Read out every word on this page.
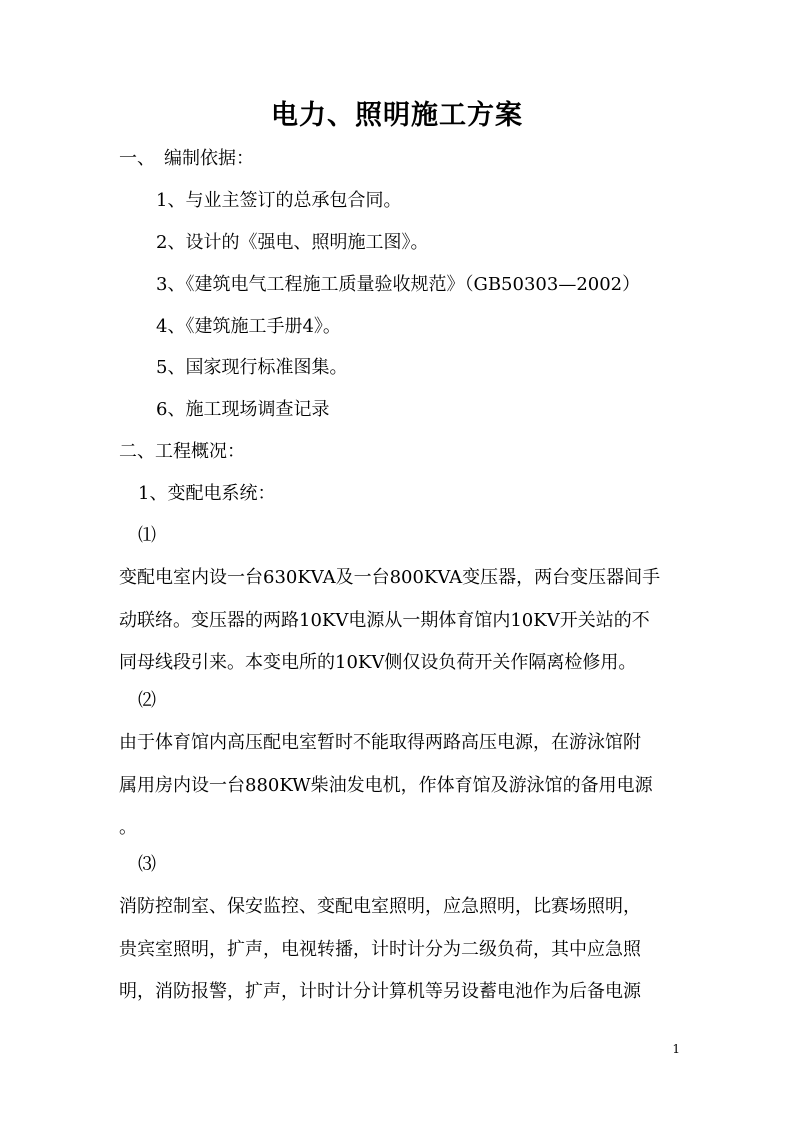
电力、照明施工方案
一、　编制依据：
1、与业主签订的总承包合同。
2、设计的《强电、照明施工图》。
3、《建筑电气工程施工质量验收规范》（GB50303—2002）
4、《建筑施工手册4》。
5、国家现行标准图集。
6、施工现场调查记录
二、工程概况：
1、变配电系统：
⑴
变配电室内设一台630KVA及一台800KVA变压器，两台变压器间手
动联络。变压器的两路10KV电源从一期体育馆内10KV开关站的不
同母线段引来。本变电所的10KV侧仅设负荷开关作隔离检修用。
⑵
由于体育馆内高压配电室暂时不能取得两路高压电源，在游泳馆附
属用房内设一台880KW柴油发电机，作体育馆及游泳馆的备用电源
。
⑶
消防控制室、保安监控、变配电室照明，应急照明，比赛场照明，
贵宾室照明，扩声，电视转播，计时计分为二级负荷，其中应急照
明，消防报警，扩声，计时计分计算机等另设蓄电池作为后备电源
1
